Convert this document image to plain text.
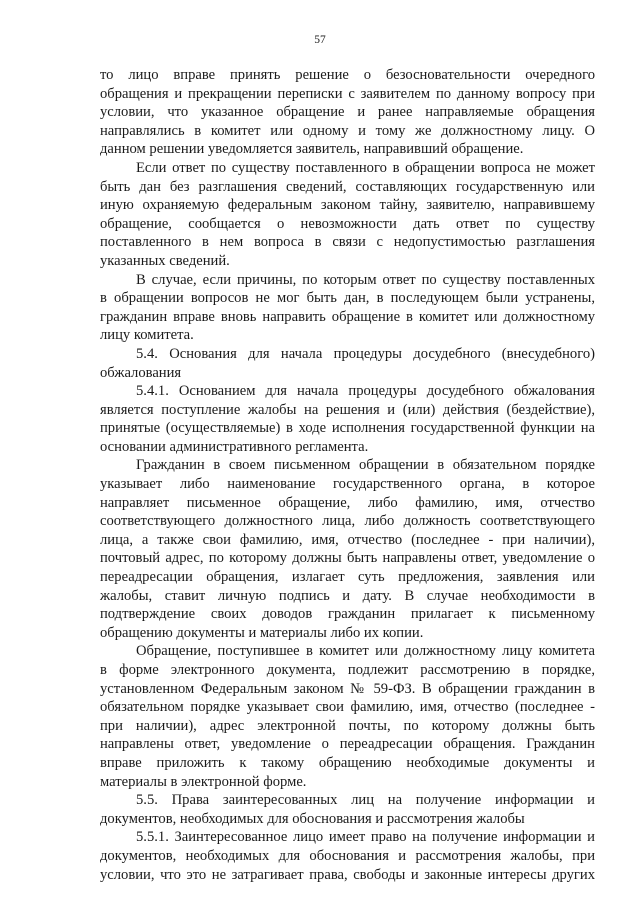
57

то лицо вправе принять решение о безосновательности очередного

обращения и прекращении переписки с заявителем по данному вопросу при

условии, что указанное обращение и ранее направляемые обращения

направлялись в комитет или одному и тому же должностному лицу. О

данном решении уведомляется заявитель, направивший обращение.

Если ответ по существу поставленного в обращении вопроса не может

быть дан без разглашения сведений, составляющих государственную или

иную охраняемую федеральным законом тайну, заявителю, направившему

обращение, сообщается о невозможности дать ответ по существу

поставленного в нем вопроса в связи с недопустимостью разглашения

указанных сведений.

В случае, если причины, по которым ответ по существу поставленных

в обращении вопросов не мог быть дан, в последующем были устранены,

гражданин вправе вновь направить обращение в комитет или должностному

лицу комитета.

5.4. Основания для начала процедуры досудебного (внесудебного)

обжалования

5.4.1. Основанием для начала процедуры досудебного обжалования

является поступление жалобы на решения и (или) действия (бездействие),

принятые (осуществляемые) в ходе исполнения государственной функции на

основании административного регламента.

Гражданин в своем письменном обращении в обязательном порядке

указывает либо наименование государственного органа, в которое

направляет письменное обращение, либо фамилию, имя, отчество

соответствующего должностного лица, либо должность соответствующего

лица, а также свои фамилию, имя, отчество (последнее - при наличии),

почтовый адрес, по которому должны быть направлены ответ, уведомление о

переадресации обращения, излагает суть предложения, заявления или

жалобы, ставит личную подпись и дату. В случае необходимости в

подтверждение своих доводов гражданин прилагает к письменному

обращению документы и материалы либо их копии.

Обращение, поступившее в комитет или должностному лицу комитета

в форме электронного документа, подлежит рассмотрению в порядке,

установленном Федеральным законом № 59-ФЗ. В обращении гражданин в

обязательном порядке указывает свои фамилию, имя, отчество (последнее -

при наличии), адрес электронной почты, по которому должны быть

направлены ответ, уведомление о переадресации обращения. Гражданин

вправе приложить к такому обращению необходимые документы и

материалы в электронной форме.

5.5. Права заинтересованных лиц на получение информации и

документов, необходимых для обоснования и рассмотрения жалобы

5.5.1. Заинтересованное лицо имеет право на получение информации и

документов, необходимых для обоснования и рассмотрения жалобы, при

условии, что это не затрагивает права, свободы и законные интересы других
